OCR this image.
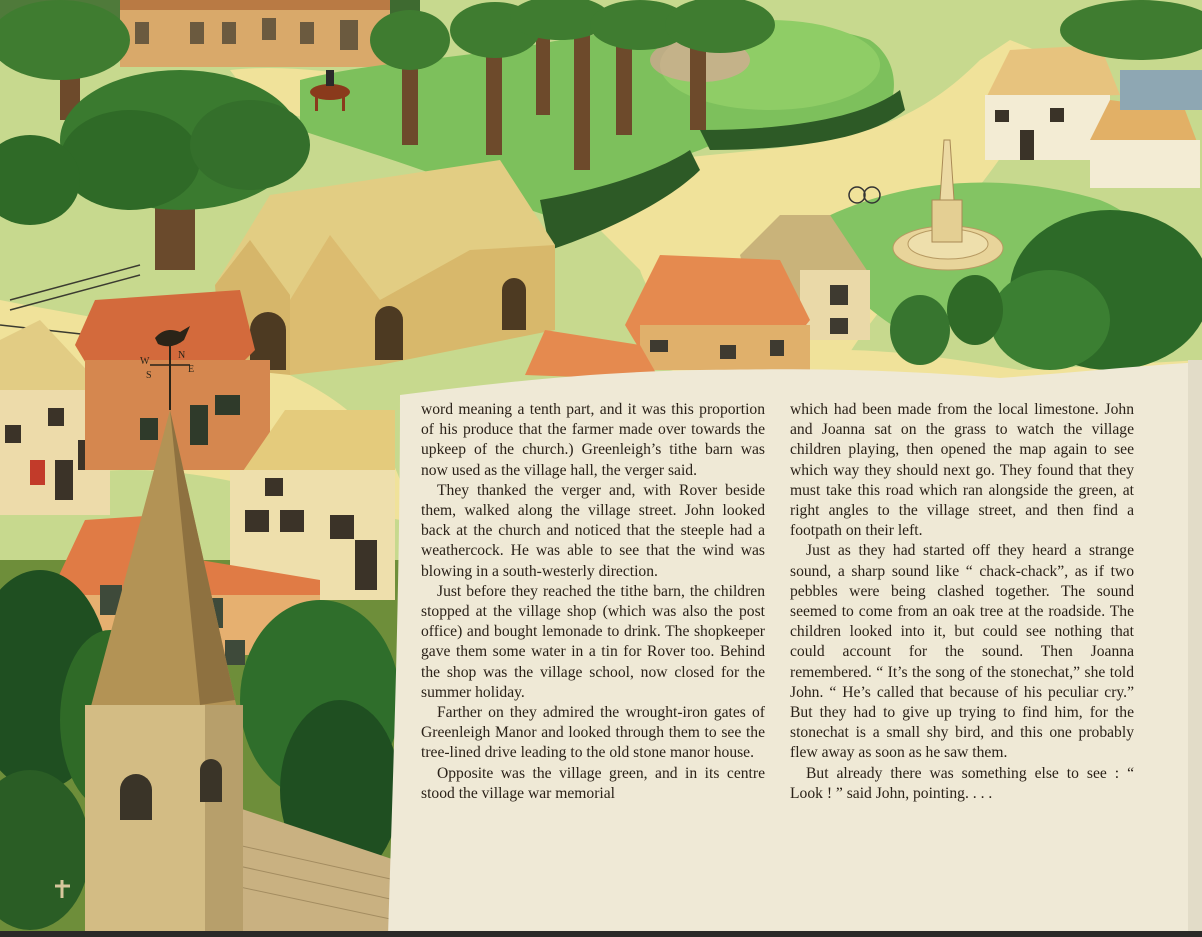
N
S
E
W

word meaning a tenth part, and it was this proportion of his produce that the farmer made over towards the upkeep of the church.) Greenleigh’s tithe barn was now used as the village hall, the verger said.

They thanked the verger and, with Rover beside them, walked along the village street. John looked back at the church and noticed that the steeple had a weathercock. He was able to see that the wind was blowing in a south-westerly direction.

Just before they reached the tithe barn, the children stopped at the village shop (which was also the post office) and bought lemonade to drink. The shopkeeper gave them some water in a tin for Rover too. Behind the shop was the village school, now closed for the summer holiday.

Farther on they admired the wrought-iron gates of Greenleigh Manor and looked through them to see the tree-lined drive leading to the old stone manor house.

Opposite was the village green, and in its centre stood the village war memorial

which had been made from the local limestone. John and Joanna sat on the grass to watch the village children playing, then opened the map again to see which way they should next go. They found that they must take this road which ran alongside the green, at right angles to the village street, and then find a footpath on their left.

Just as they had started off they heard a strange sound, a sharp sound like “ chack-chack”, as if two pebbles were being clashed together. The sound seemed to come from an oak tree at the roadside. The children looked into it, but could see nothing that could account for the sound. Then Joanna remembered. “ It’s the song of the stonechat,” she told John. “ He’s called that because of his peculiar cry.” But they had to give up trying to find him, for the stonechat is a small shy bird, and this one probably flew away as soon as he saw them.

But already there was something else to see : “ Look ! ” said John, pointing. . . .
